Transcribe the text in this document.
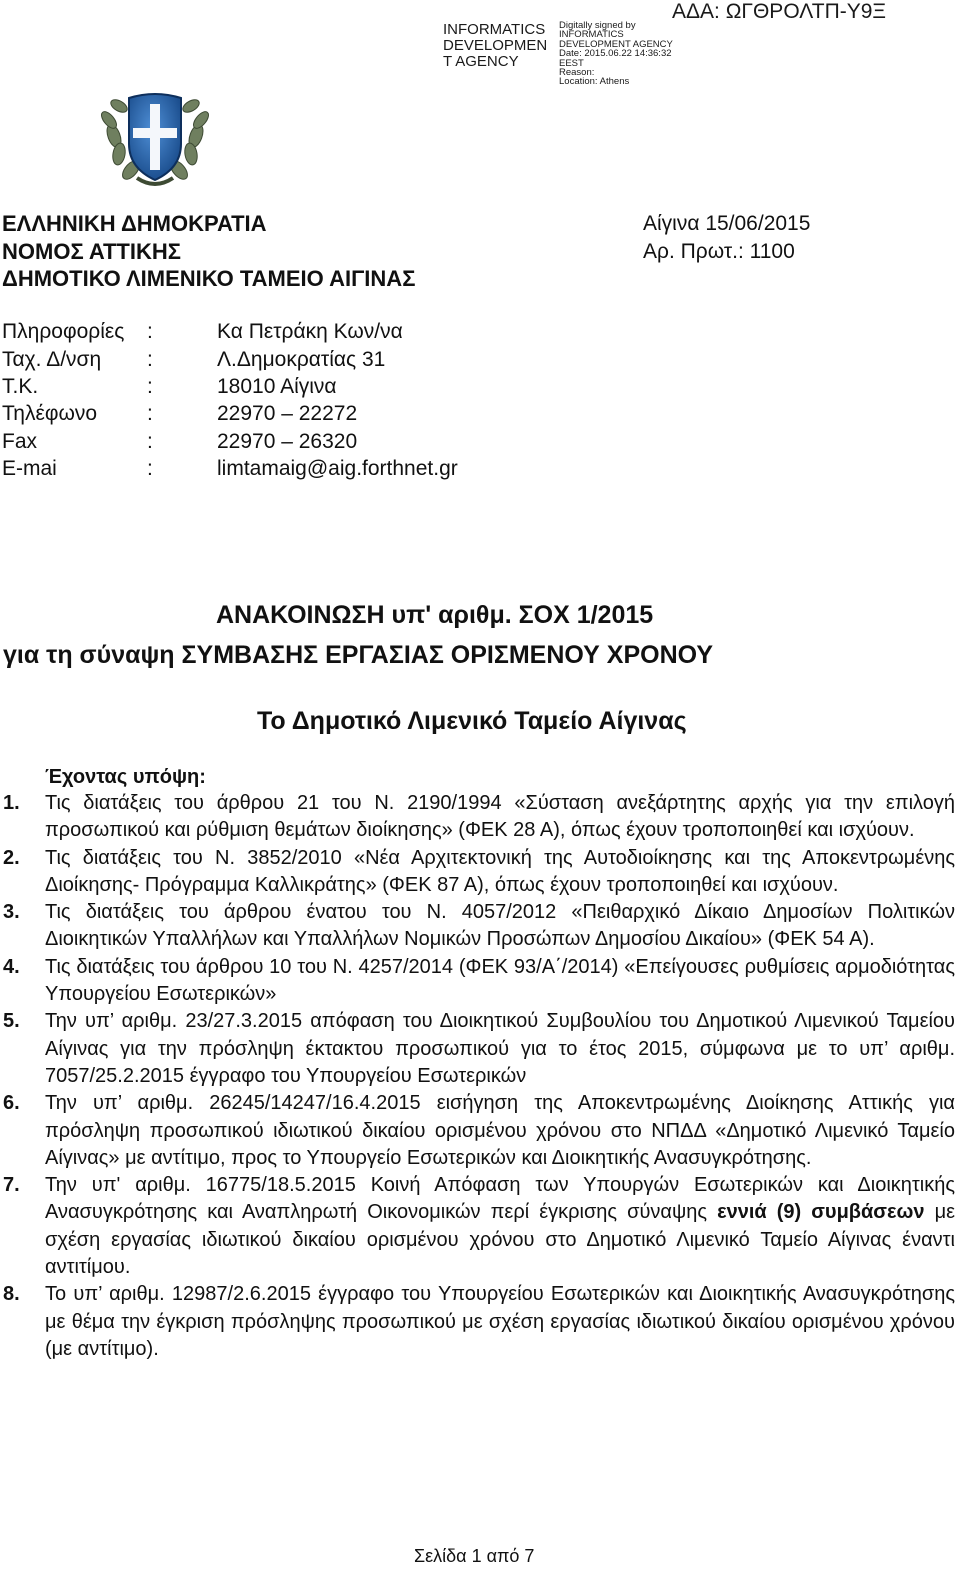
INFORMATICS
DEVELOPMEN
T AGENCY
Digitally signed by
INFORMATICS
DEVELOPMENT AGENCY
Date: 2015.06.22 14:36:32
EEST
Reason:
Location: Athens
ΑΔΑ: ΩΓΘΡΟΛΤΠ-Υ9Ξ
ΕΛΛΗΝΙΚΗ ΔΗΜΟΚΡΑΤΙΑ
ΝΟΜΟΣ ΑΤΤΙΚΗΣ
ΔΗΜΟΤΙΚΟ ΛΙΜΕΝΙΚΟ ΤΑΜΕΙΟ ΑΙΓΙΝΑΣ
Αίγινα 15/06/2015
Αρ. Πρωτ.: 1100
Πληροφορίες :	Κα Πετράκη Κων/να
Ταχ. Δ/νση :	Λ.Δημοκρατίας 31
Τ.Κ.	:	18010 Αίγινα
Τηλέφωνο :	22970 – 22272
Fax	:	22970 – 26320
E-mai	:	limtamaig@aig.forthnet.gr
ΑΝΑΚΟΙΝΩΣΗ υπ' αριθμ. ΣΟΧ 1/2015
για τη σύναψη ΣΥΜΒΑΣΗΣ ΕΡΓΑΣΙΑΣ ΟΡΙΣΜΕΝΟΥ ΧΡΟΝΟΥ
Το Δημοτικό Λιμενικό Ταμείο Αίγινας
Έχοντας υπόψη:
1. Τις διατάξεις του άρθρου 21 του Ν. 2190/1994 «Σύσταση ανεξάρτητης αρχής για την επιλογή προσωπικού και ρύθμιση θεμάτων διοίκησης» (ΦΕΚ 28 Α), όπως έχουν τροποποιηθεί και ισχύουν.
2. Τις διατάξεις του Ν. 3852/2010 «Νέα Αρχιτεκτονική της Αυτοδιοίκησης και της Αποκεντρωμένης Διοίκησης- Πρόγραμμα Καλλικράτης» (ΦΕΚ 87 Α), όπως έχουν τροποποιηθεί και ισχύουν.
3. Τις διατάξεις του άρθρου ένατου του Ν. 4057/2012 «Πειθαρχικό Δίκαιο Δημοσίων Πολιτικών Διοικητικών Υπαλλήλων και Υπαλλήλων Νομικών Προσώπων Δημοσίου Δικαίου» (ΦΕΚ 54 Α).
4. Τις διατάξεις του άρθρου 10 του Ν. 4257/2014 (ΦΕΚ 93/Α΄/2014) «Επείγουσες ρυθμίσεις αρμοδιότητας Υπουργείου Εσωτερικών»
5. Την υπ’ αριθμ. 23/27.3.2015 απόφαση του Διοικητικού Συμβουλίου του Δημοτικού Λιμενικού Ταμείου Αίγινας για την πρόσληψη έκτακτου προσωπικού για το έτος 2015, σύμφωνα με το υπ’ αριθμ. 7057/25.2.2015 έγγραφο του Υπουργείου Εσωτερικών
6. Την υπ’ αριθμ. 26245/14247/16.4.2015 εισήγηση της Αποκεντρωμένης Διοίκησης Αττικής για πρόσληψη προσωπικού ιδιωτικού δικαίου ορισμένου χρόνου στο ΝΠΔΔ «Δημοτικό Λιμενικό Ταμείο Αίγινας» με αντίτιμο, προς το Υπουργείο Εσωτερικών και Διοικητικής Ανασυγκρότησης.
7. Την υπ' αριθμ. 16775/18.5.2015 Κοινή Απόφαση των Υπουργών Εσωτερικών και Διοικητικής Ανασυγκρότησης και Αναπληρωτή Οικονομικών περί έγκρισης σύναψης εννιά (9) συμβάσεων με σχέση εργασίας ιδιωτικού δικαίου ορισμένου χρόνου στο Δημοτικό Λιμενικό Ταμείο Αίγινας έναντι αντιτίμου.
8. Το υπ’ αριθμ. 12987/2.6.2015 έγγραφο του Υπουργείου Εσωτερικών και Διοικητικής Ανασυγκρότησης με θέμα την έγκριση πρόσληψης προσωπικού με σχέση εργασίας ιδιωτικού δικαίου ορισμένου χρόνου (με αντίτιμο).
Σελίδα 1 από 7
